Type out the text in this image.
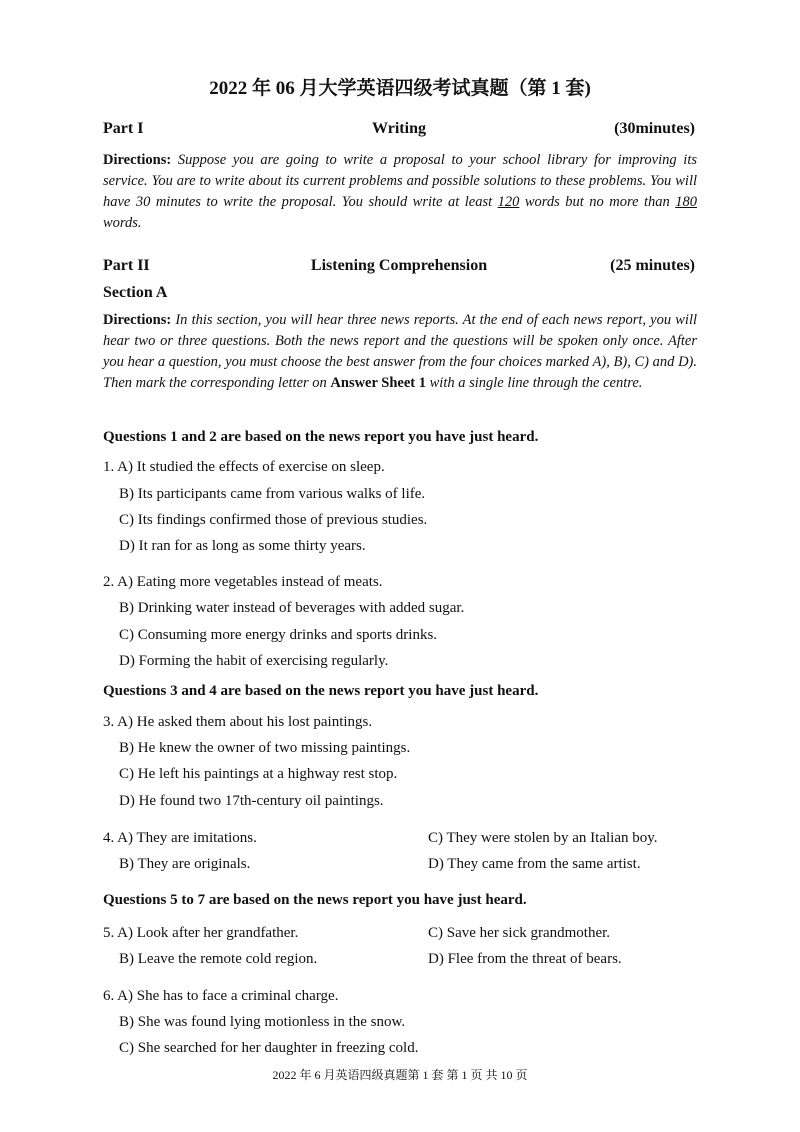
2022 年 06 月大学英语四级考试真题（第 1 套)
Part I	Writing	(30minutes)
Directions: Suppose you are going to write a proposal to your school library for improving its service. You are to write about its current problems and possible solutions to these problems. You will have 30 minutes to write the proposal. You should write at least 120 words but no more than 180 words.
Part II	Listening Comprehension	(25 minutes)
Section A
Directions: In this section, you will hear three news reports. At the end of each news report, you will hear two or three questions. Both the news report and the questions will be spoken only once. After you hear a question, you must choose the best answer from the four choices marked A), B), C) and D). Then mark the corresponding letter on Answer Sheet 1 with a single line through the centre.
Questions 1 and 2 are based on the news report you have just heard.
1. A) It studied the effects of exercise on sleep.
B) Its participants came from various walks of life.
C) Its findings confirmed those of previous studies.
D) It ran for as long as some thirty years.
2. A) Eating more vegetables instead of meats.
B) Drinking water instead of beverages with added sugar.
C) Consuming more energy drinks and sports drinks.
D) Forming the habit of exercising regularly.
Questions 3 and 4 are based on the news report you have just heard.
3. A) He asked them about his lost paintings.
B) He knew the owner of two missing paintings.
C) He left his paintings at a highway rest stop.
D) He found two 17th-century oil paintings.
4. A) They are imitations.	C) They were stolen by an Italian boy.
B) They are originals.	D) They came from the same artist.
Questions 5 to 7 are based on the news report you have just heard.
5. A) Look after her grandfather.	C) Save her sick grandmother.
B) Leave the remote cold region.	D) Flee from the threat of bears.
6. A) She has to face a criminal charge.
B) She was found lying motionless in the snow.
C) She searched for her daughter in freezing cold.
2022 年 6 月英语四级真题第 1 套 第 1 页 共 10 页
